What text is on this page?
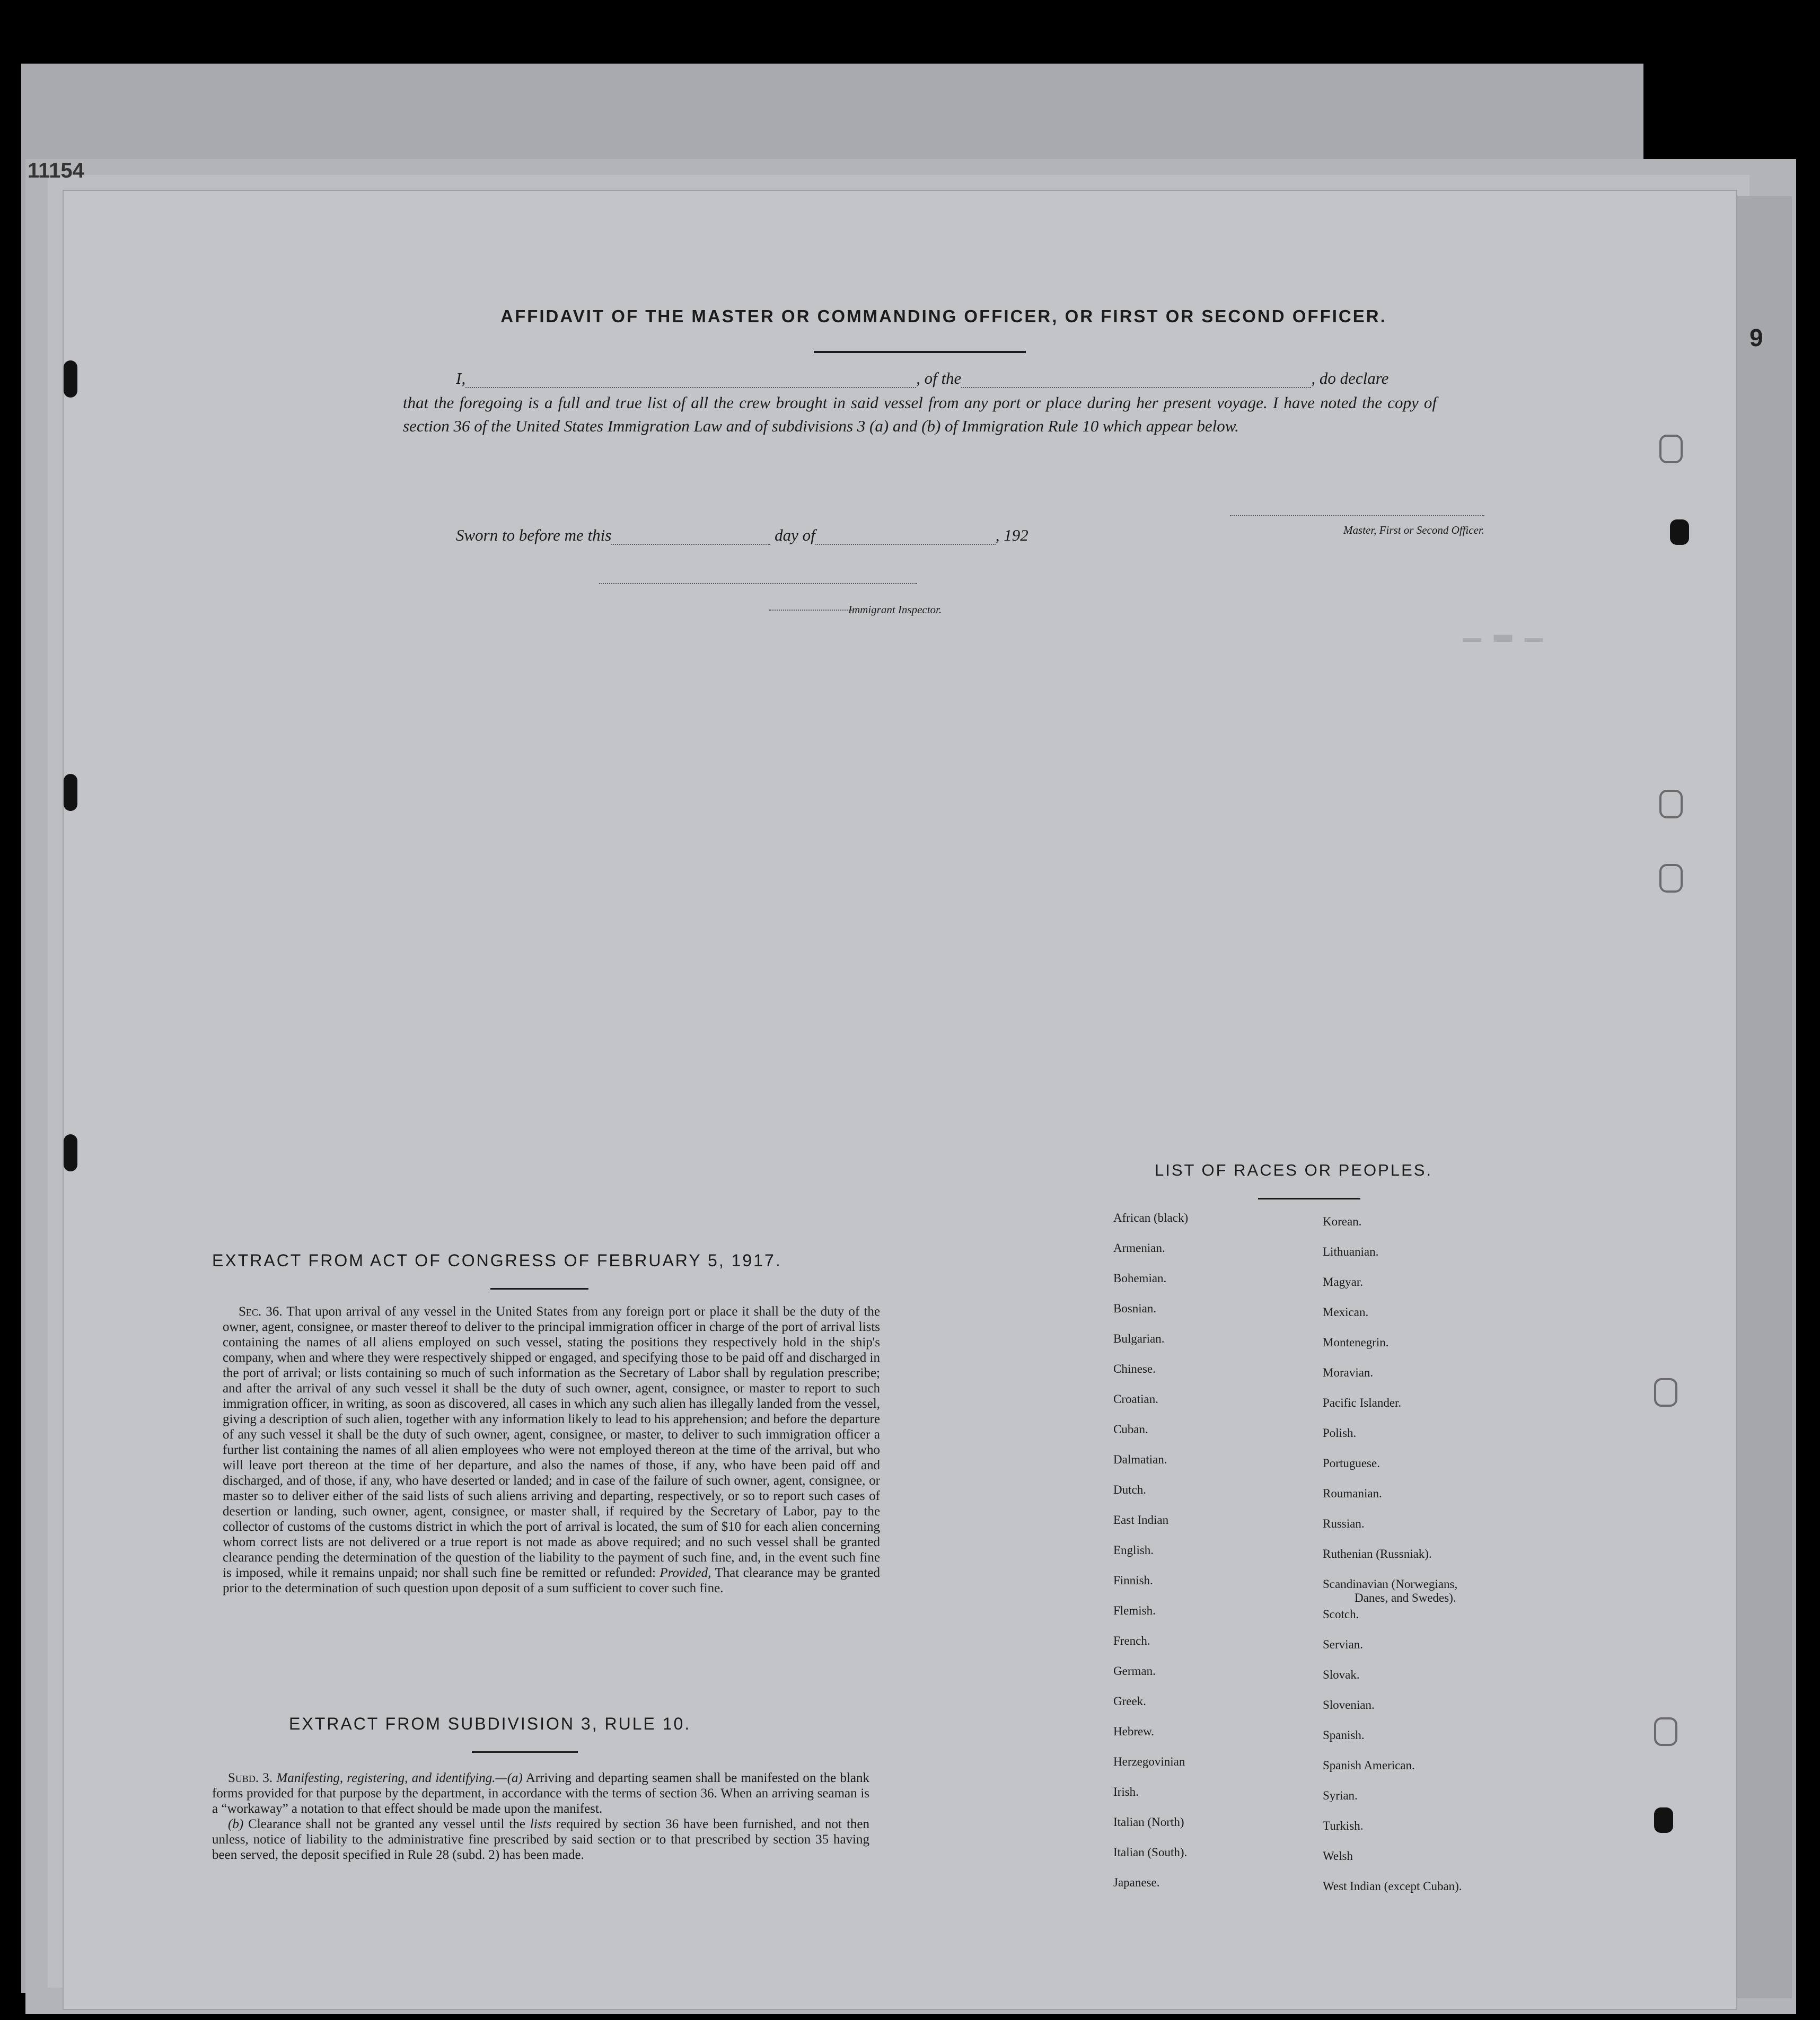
11154
9
▁ ▂ ▁
AFFIDAVIT OF THE MASTER OR COMMANDING OFFICER, OR FIRST OR SECOND OFFICER.
I,	, of the	, do declare
that the foregoing is a full and true list of all the crew brought in said vessel from any port or place during her present voyage. I have noted the copy of section 36 of the United States Immigration Law and of subdivisions 3 (a) and (b) of Immigration Rule 10 which appear below.
Master, First or Second Officer.
Sworn to before me this	day of	, 192
Immigrant Inspector.
LIST OF RACES OR PEOPLES.
African (black)
Armenian.
Bohemian.
Bosnian.
Bulgarian.
Chinese.
Croatian.
Cuban.
Dalmatian.
Dutch.
East Indian
English.
Finnish.
Flemish.
French.
German.
Greek.
Hebrew.
Herzegovinian
Irish.
Italian (North)
Italian (South).
Japanese.
Korean.
Lithuanian.
Magyar.
Mexican.
Montenegrin.
Moravian.
Pacific Islander.
Polish.
Portuguese.
Roumanian.
Russian.
Ruthenian (Russniak).
Scandinavian (Norwegians,
Danes, and Swedes).
Scotch.
Servian.
Slovak.
Slovenian.
Spanish.
Spanish American.
Syrian.
Turkish.
Welsh
West Indian (except Cuban).
EXTRACT FROM ACT OF CONGRESS OF FEBRUARY 5, 1917.
Sec. 36. That upon arrival of any vessel in the United States from any foreign port or place it shall be the duty of the owner, agent, consignee, or master thereof to deliver to the principal immigration officer in charge of the port of arrival lists containing the names of all aliens employed on such vessel, stating the positions they respectively hold in the ship's company, when and where they were respectively shipped or engaged, and specifying those to be paid off and discharged in the port of arrival; or lists containing so much of such information as the Secretary of Labor shall by regulation prescribe; and after the arrival of any such vessel it shall be the duty of such owner, agent, consignee, or master to report to such immigration officer, in writing, as soon as discovered, all cases in which any such alien has illegally landed from the vessel, giving a description of such alien, together with any information likely to lead to his apprehension; and before the departure of any such vessel it shall be the duty of such owner, agent, consignee, or master, to deliver to such immigration officer a further list containing the names of all alien employees who were not employed thereon at the time of the arrival, but who will leave port thereon at the time of her departure, and also the names of those, if any, who have been paid off and discharged, and of those, if any, who have deserted or landed; and in case of the failure of such owner, agent, consignee, or master so to deliver either of the said lists of such aliens arriving and departing, respectively, or so to report such cases of desertion or landing, such owner, agent, consignee, or master shall, if required by the Secretary of Labor, pay to the collector of customs of the customs district in which the port of arrival is located, the sum of $10 for each alien concerning whom correct lists are not delivered or a true report is not made as above required; and no such vessel shall be granted clearance pending the determination of the question of the liability to the payment of such fine, and, in the event such fine is imposed, while it remains unpaid; nor shall such fine be remitted or refunded: Provided, That clearance may be granted prior to the determination of such question upon deposit of a sum sufficient to cover such fine.
EXTRACT FROM SUBDIVISION 3, RULE 10.

Subd. 3. Manifesting, registering, and identifying.—(a) Arriving and departing seamen shall be manifested on the blank forms provided for that purpose by the department, in accordance with the terms of section 36. When an arriving seaman is a “workaway” a notation to that effect should be made upon the manifest.

(b) Clearance shall not be granted any vessel until the lists required by section 36 have been furnished, and not then unless, notice of liability to the administrative fine prescribed by said section or to that prescribed by section 35 having been served, the deposit specified in Rule 28 (subd. 2) has been made.
